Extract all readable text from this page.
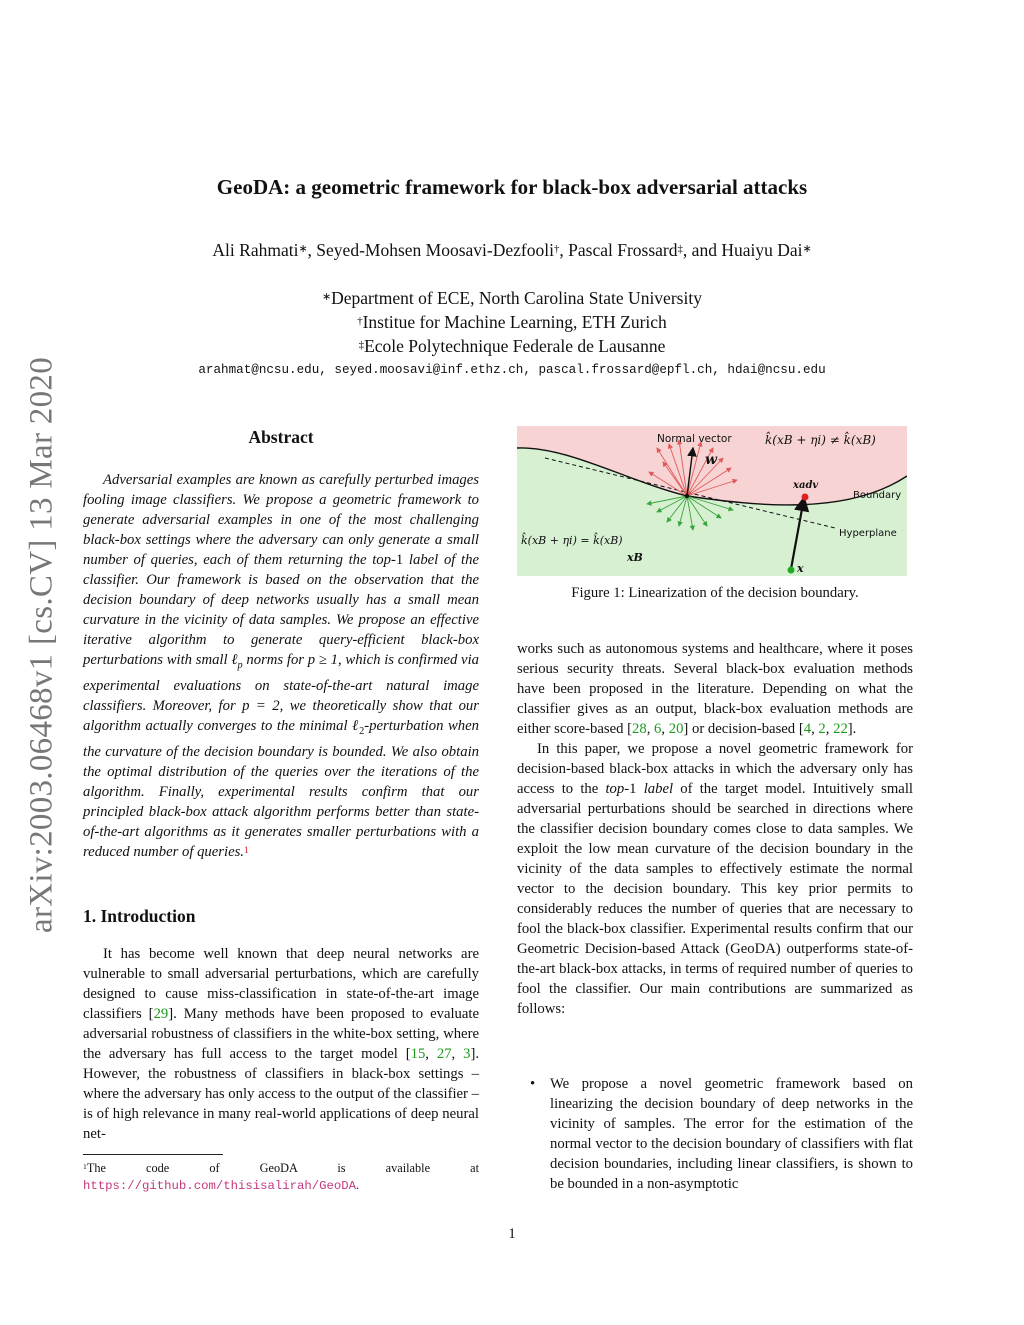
arXiv:2003.06468v1 [cs.CV] 13 Mar 2020
GeoDA: a geometric framework for black-box adversarial attacks
Ali Rahmati∗, Seyed-Mohsen Moosavi-Dezfooli†, Pascal Frossard‡, and Huaiyu Dai∗
∗Department of ECE, North Carolina State University
†Institue for Machine Learning, ETH Zurich
‡Ecole Polytechnique Federale de Lausanne
arahmat@ncsu.edu, seyed.moosavi@inf.ethz.ch, pascal.frossard@epfl.ch, hdai@ncsu.edu
Abstract

Adversarial examples are known as carefully perturbed images fooling image classifiers. We propose a geometric framework to generate adversarial examples in one of the most challenging black-box settings where the adversary can only generate a small number of queries, each of them returning the top-1 label of the classifier. Our framework is based on the observation that the decision boundary of deep networks usually has a small mean curvature in the vicinity of data samples. We propose an effective iterative algorithm to generate query-efficient black-box perturbations with small ℓ$_p$ norms for p ≥ 1, which is confirmed via experimental evaluations on state-of-the-art natural image classifiers. Moreover, for p = 2, we theoretically show that our algorithm actually converges to the minimal ℓ$_2$-perturbation when the curvature of the decision boundary is bounded. We also obtain the optimal distribution of the queries over the iterations of the algorithm. Finally, experimental results confirm that our principled black-box attack algorithm performs better than state-of-the-art algorithms as it generates smaller perturbations with a reduced number of queries.$^1$

1. Introduction

It has become well known that deep neural networks are vulnerable to small adversarial perturbations, which are carefully designed to cause miss-classification in state-of-the-art image classifiers [29]. Many methods have been proposed to evaluate adversarial robustness of classifiers in the white-box setting, where the adversary has full access to the target model [15, 27, 3]. However, the robustness of classifiers in black-box settings – where the adversary has only access to the output of the classifier – is of high relevance in many real-world applications of deep neural net-

$^1$The code of GeoDA is available at https://github.com/thisisalirah/GeoDA.
Normal vector
w
k̂(xB + ηi) ≠ k̂(xB)
k̂(xB + ηi) = k̂(xB)
xB
xadv
x
Boundary
Hyperplane
Figure 1: Linearization of the decision boundary.

works such as autonomous systems and healthcare, where it poses serious security threats. Several black-box evaluation methods have been proposed in the literature. Depending on what the classifier gives as an output, black-box evaluation methods are either score-based [28, 6, 20] or decision-based [4, 2, 22].

In this paper, we propose a novel geometric framework for decision-based black-box attacks in which the adversary only has access to the top-1 label of the target model. Intuitively small adversarial perturbations should be searched in directions where the classifier decision boundary comes close to data samples. We exploit the low mean curvature of the decision boundary in the vicinity of the data samples to effectively estimate the normal vector to the decision boundary. This key prior permits to considerably reduces the number of queries that are necessary to fool the black-box classifier. Experimental results confirm that our Geometric Decision-based Attack (GeoDA) outperforms state-of-the-art black-box attacks, in terms of required number of queries to fool the classifier. Our main contributions are summarized as follows:

• We propose a novel geometric framework based on linearizing the decision boundary of deep networks in the vicinity of samples. The error for the estimation of the normal vector to the decision boundary of classifiers with flat decision boundaries, including linear classifiers, is shown to be bounded in a non-asymptotic
1
